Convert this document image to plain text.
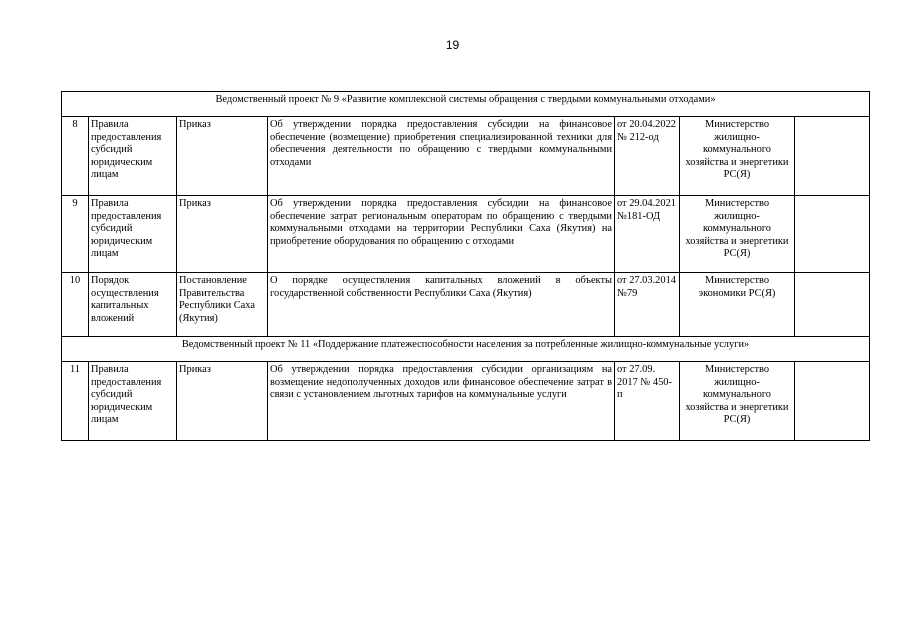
19
Ведомственный проект № 9 «Развитие комплексной системы обращения с твердыми коммунальными отходами»						
8	Правила предоставления субсидий юридическим лицам	Приказ	Об утверждении порядка предоставления субсидии на финансовое обеспечение (возмещение) приобретения специализированной техники для обеспечения деятельности по обращению с твердыми коммунальными отходами	от 20.04.2022 № 212-од	Министерство жилищно-коммунального хозяйства и энергетики РС(Я)	
9	Правила предоставления субсидий юридическим лицам	Приказ	Об утверждении порядка предоставления субсидии на финансовое обеспечение затрат региональным операторам по обращению с твердыми коммунальными отходами на территории Республики Саха (Якутия) на приобретение оборудования по обращению с отходами	от 29.04.2021 №181-ОД	Министерство жилищно-коммунального хозяйства и энергетики РС(Я)	
10	Порядок осуществления капитальных вложений	Постановление Правительства Республики Саха (Якутия)	О порядке осуществления капитальных вложений в объекты государственной собственности Республики Саха (Якутия)	от 27.03.2014 №79	Министерство экономики РС(Я)	
Ведомственный проект № 11 «Поддержание платежеспособности населения за потребленные жилищно-коммунальные услуги»						
11	Правила предоставления субсидий юридическим лицам	Приказ	Об утверждении порядка предоставления субсидии организациям на возмещение недополученных доходов или финансовое обеспечение затрат в связи с установлением льготных тарифов на коммунальные услуги	от 27.09. 2017 № 450-п	Министерство жилищно-коммунального хозяйства и энергетики РС(Я)	
